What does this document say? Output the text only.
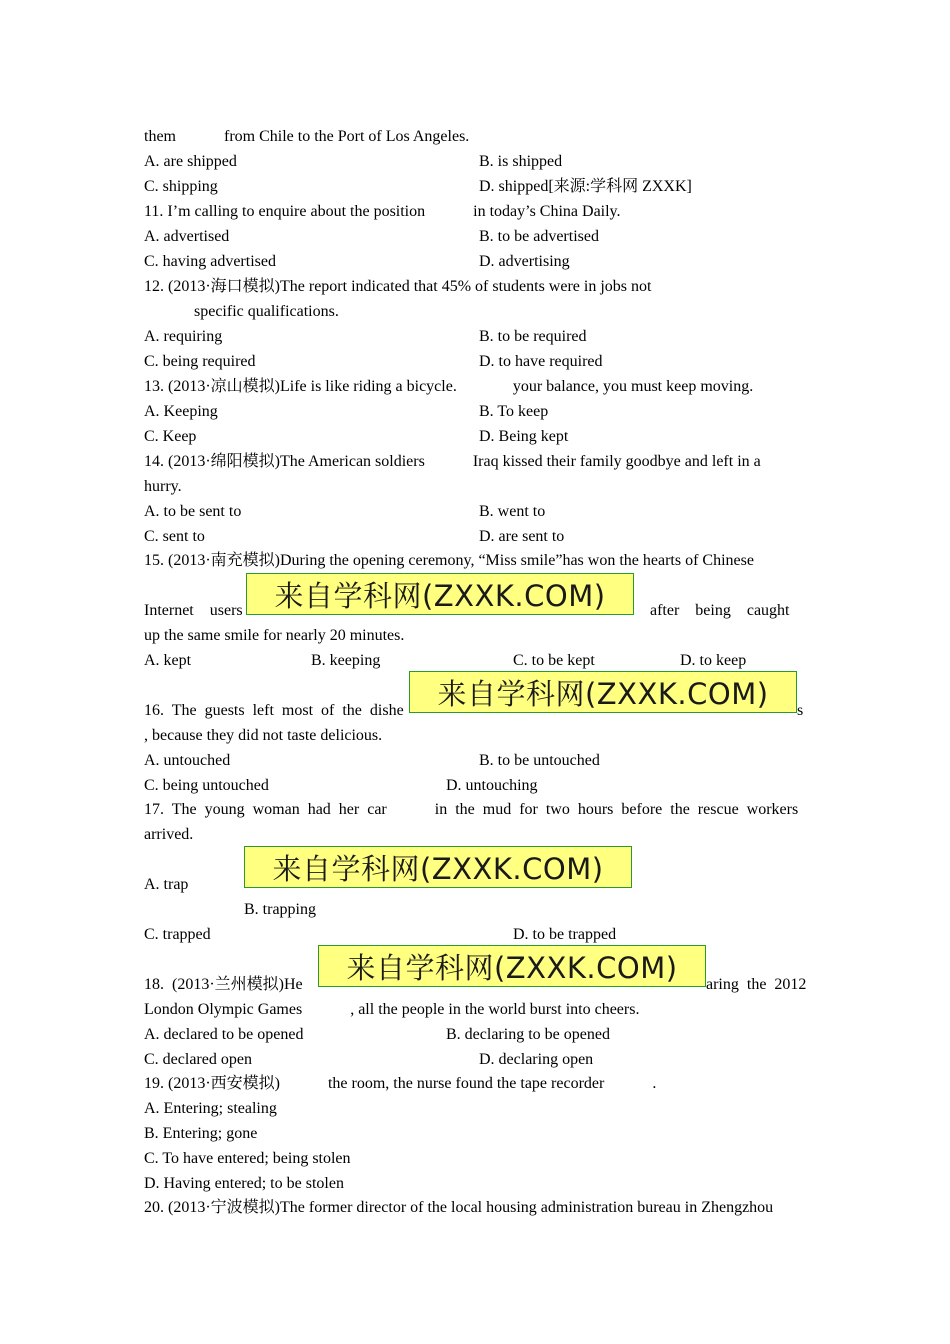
them            from Chile to the Port of Los Angeles.
A. are shipped	B. is shipped
C. shipping	D. shipped[来源:学科网 ZXXK]
11. I’m calling to enquire about the position            in today’s China Daily.
A. advertised	B. to be advertised
C. having advertised	D. advertising
12. (2013·海口模拟)The report indicated that 45% of students were in jobs not
specific qualifications.
A. requiring	B. to be required
C. being required	D. to have required
13. (2013·凉山模拟)Life is like riding a bicycle.              your balance, you must keep moving.
A. Keeping	B. To keep
C. Keep	D. Being kept
14. (2013·绵阳模拟)The American soldiers            Iraq kissed their family goodbye and left in a
hurry.
A. to be sent to	B. went to
C. sent to	D. are sent to
15. (2013·南充模拟)During the opening ceremony, “Miss smile”has won the hearts of Chinese
Internet    users	after    being    caught
来自学科网(ZXXK.COM)
up the same smile for nearly 20 minutes.
A. kept	B. keeping	C. to be kept	D. to keep
16.  The  guests  left  most  of  the  dishe	s
来自学科网(ZXXK.COM)
, because they did not taste delicious.
A. untouched	B. to be untouched
C. being untouched	D. untouching
17.  The  young  woman  had  her  car            in  the  mud  for  two  hours  before  the  rescue  workers
arrived.
A. trap	来自学科网(ZXXK.COM)
B. trapping
C. trapped	D. to be trapped
18.  (2013·兰州模拟)He	aring  the  2012
来自学科网(ZXXK.COM)
London Olympic Games            , all the people in the world burst into cheers.
A. declared to be opened	B. declaring to be opened
C. declared open	D. declaring open
19. (2013·西安模拟)            the room, the nurse found the tape recorder            .
A. Entering; stealing
B. Entering; gone
C. To have entered; being stolen
D. Having entered; to be stolen
20. (2013·宁波模拟)The former director of the local housing administration bureau in Zhengzhou
